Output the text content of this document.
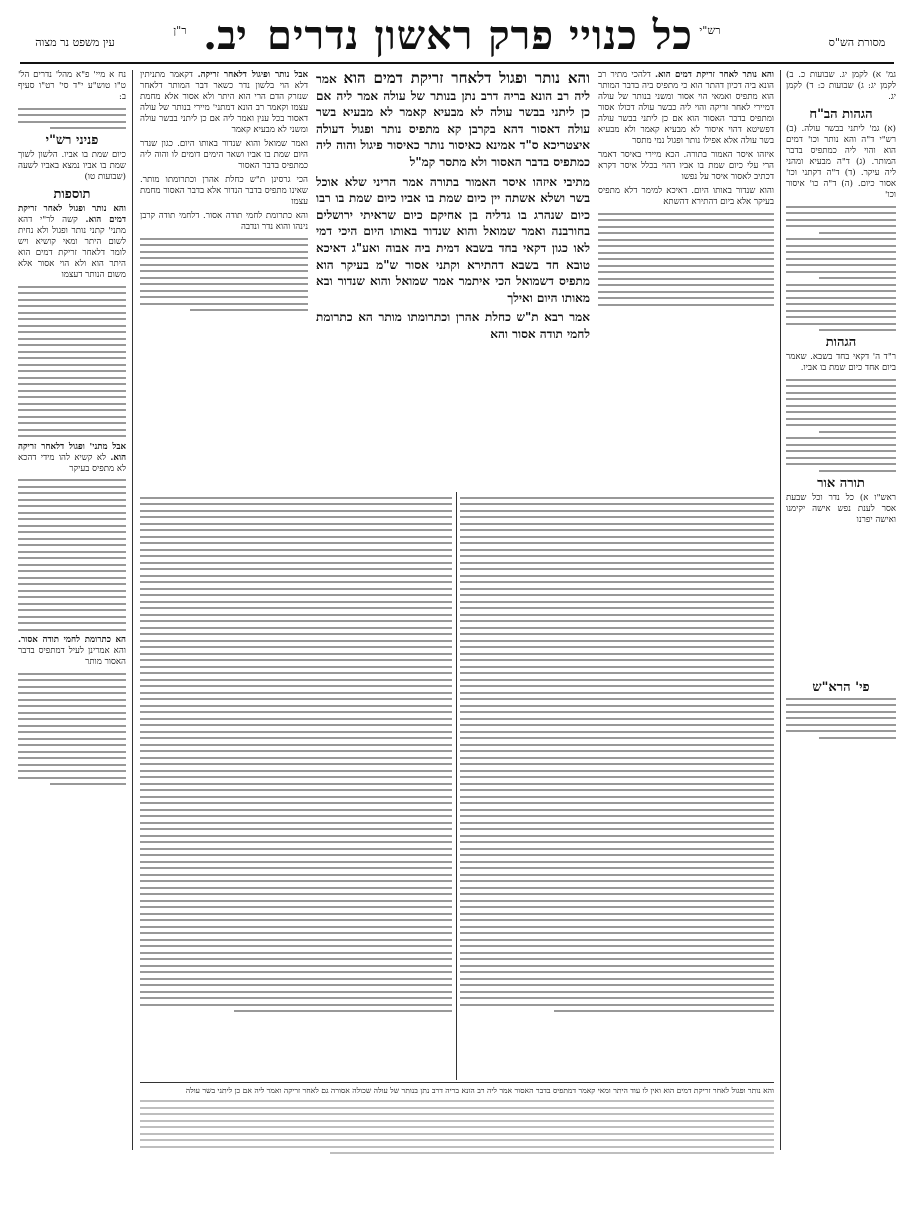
כל כנויי פרק ראשון נדרים
יב.	רש"י
ר"ן
מסורת הש"ס
עין משפט נר מצוה

גמ' א) לקמן יג. שבועות כ. ב) לקמן יג: ג) שבועות כ: ד) לקמן יג.

הגהות הב"ח

(א) גמ' ליתני בבשר עולה. (ב) רש"י ד"ה והא נותר וכו' דמים הוא והוי ליה כמתפיס בדבר המותר. (ג) ד"ה מבעיא ומהני ליה עיקר. (ד) ד"ה דקתני וכו' אסור כיום. (ה) ד"ה כו' איסור וכו'

הגהות

ר"ד ה' דקאי בחד בשבא. שאמר ביום אחד כיום שמת בו אביו.

תורה אור

ראש"ו א) כל נדר וכל שבעת אסר לענת נפש אישה יקימנו ואישה יפרנו

פי' הרא"ש

נח א מיי' פ"א מהל' נדרים הל' ט"ו טוש"ע י"ד סי' רט"ו סעיף ב:

פניני רש"י

כיום שמת בו אביו. הלשון לשוך שמת בו אביו נמצא באביו לשעה (שבועות טו)

תוספות

והא נותר ופגול לאחר זריקת דמים הוא. קשה לר"י דהא מתני' קתני נותר ופגול ולא נחית לשום היתר ומאי קושיא ויש לומר דלאחר זריקת דמים הוא היתר הוא ולא הוי אסור אלא משום הנותר דעצמו

אבל מתני' ופגול דלאחר זריקה הוא. לא קשיא להו מידי דהכא לא מתפיס בעיקר

הא כתרומת לחמי תודה אסור. והא אמרינן לעיל דמתפיס בדבר האסור מותר

והא נותר לאחר זריקת דמים הוא. דלהכי מתיר רב הונא ביה דכיון דהתר הוא כי מתפיס ביה בדבר המותר הוא מתפיס ואמאי הוי אסור ומשני בנותר של עולה דמיירי לאחר זריקה והוי ליה כבשר עולה דכולו אסור ומתפיס בדבר האסור הוא אם כן ליתני בבשר עולה דפשיטא דהוי איסור לא מבעיא קאמר ולא מבעיא בשר עולה אלא אפילו נותר ופגול נמי מתסר

איזהו איסר האמור בתורה. הכא מיירי באיסר דאמר הרי עלי כיום שמת בו אביו דהוי בכלל איסר דקרא דכתיב לאסור איסר על נפשו

והוא שנדור באותו היום. דאיכא למימר דלא מתפיס בעיקר אלא ביום דהתירא דהשתא

אבל נותר ופיגול דלאחר זריקה. דקאמר מתניתין דלא הוי בלשון נדר כשאר דבר המותר דלאחר שנזרק הדם הרי הוא היתר ולא אסור אלא מחמת עצמו וקאמר רב הונא דמתני' מיירי בנותר של עולה דאסור בכל ענין ואמר ליה אם כן ליתני בבשר עולה ומשני לא מבעיא קאמר

ואמר שמואל והוא שנדור באותו היום. כגון שנדר היום שמת בו אביו ושאר הימים דומים לו והוה ליה כמתפיס בדבר האסור

הכי גרסינן ת"ש כחלת אהרן וכתרומתו מותר. שאינו מתפיס בדבר הנדור אלא בדבר האסור מחמת עצמו

והא כתרומת לחמי תודה אסור. דלחמי תודה קרבן נינהו והוא נדר ונדבה

והא נותר ופגול דלאחר זריקת דמים הוא אמר ליה רב הונא בריה דרב נתן בנותר של עולה אמר ליה אם כן ליתני בבשר עולה לא מבעיא קאמר לא מבעיא בשר עולה דאסור דהא בקרבן קא מתפיס נותר ופגול דעולה איצטריכא ס"ד אמינא כאיסור נותר כאיסור פיגול והוה ליה כמתפיס בדבר האסור ולא מתסר קמ"ל

מתיבי איזהו איסר האמור בתורה אמר הריני שלא אוכל בשר ושלא אשתה יין כיום שמת בו אביו כיום שמת בו רבו כיום שנהרג בו גדליה בן אחיקם כיום שראיתי ירושלים בחורבנה ואמר שמואל והוא שנדור באותו היום היכי דמי לאו כגון דקאי בחד בשבא דמית ביה אבוה ואע"ג דאיכא טובא חד בשבא דהתירא וקתני אסור ש"מ בעיקר הוא מתפיס דשמואל הכי איתמר אמר שמואל והוא שנדור ובא מאותו היום ואילך

אמר רבא ת"ש כחלת אהרן וכתרומתו מותר הא כתרומת לחמי תודה אסור והא

והא נותר ופגול לאחר זריקת דמים הוא ואין לו עוד היתר ומאי קאמר דמתפיס בדבר האסור אמר ליה רב הונא בריה דרב נתן בנותר של עולה שכולה אסורה גם לאחר זריקה ואמר ליה אם כן ליתני בשר עולה
